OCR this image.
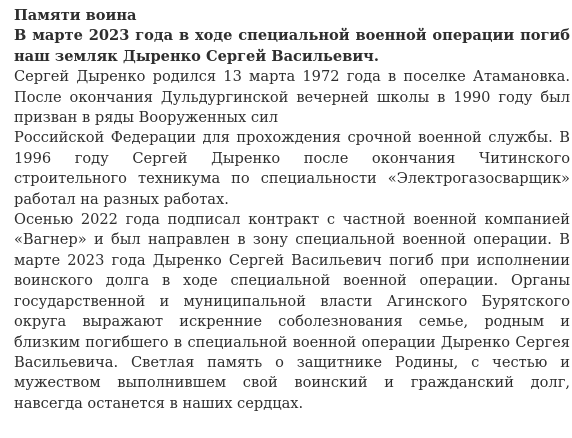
Памяти воина

В марте 2023 года в ходе специальной военной операции погиб наш земляк Дыренко Сергей Васильевич.

Сергей Дыренко родился 13 марта 1972 года в поселке Атамановка. После окончания Дульдургинской вечерней школы в 1990 году был призван в ряды Вооруженных сил

Российской Федерации для прохождения срочной военной службы. В 1996 году Сергей Дыренко после окончания Читинского строительного техникума по специальности «Электрогазосварщик» работал на разных работах.

Осенью 2022 года подписал контракт с частной военной компанией «Вагнер» и был направлен в зону специальной военной операции. В марте 2023 года Дыренко Сергей Васильевич погиб при исполнении воинского долга в ходе специальной военной операции. Органы государственной и муниципальной власти Агинского Бурятского округа выражают искренние соболезнования семье, родным и близким погибшего в специальной военной операции Дыренко Сергея Васильевича. Светлая память о защитнике Родины, с честью и мужеством выполнившем свой воинский и гражданский долг, навсегда останется в наших сердцах.
